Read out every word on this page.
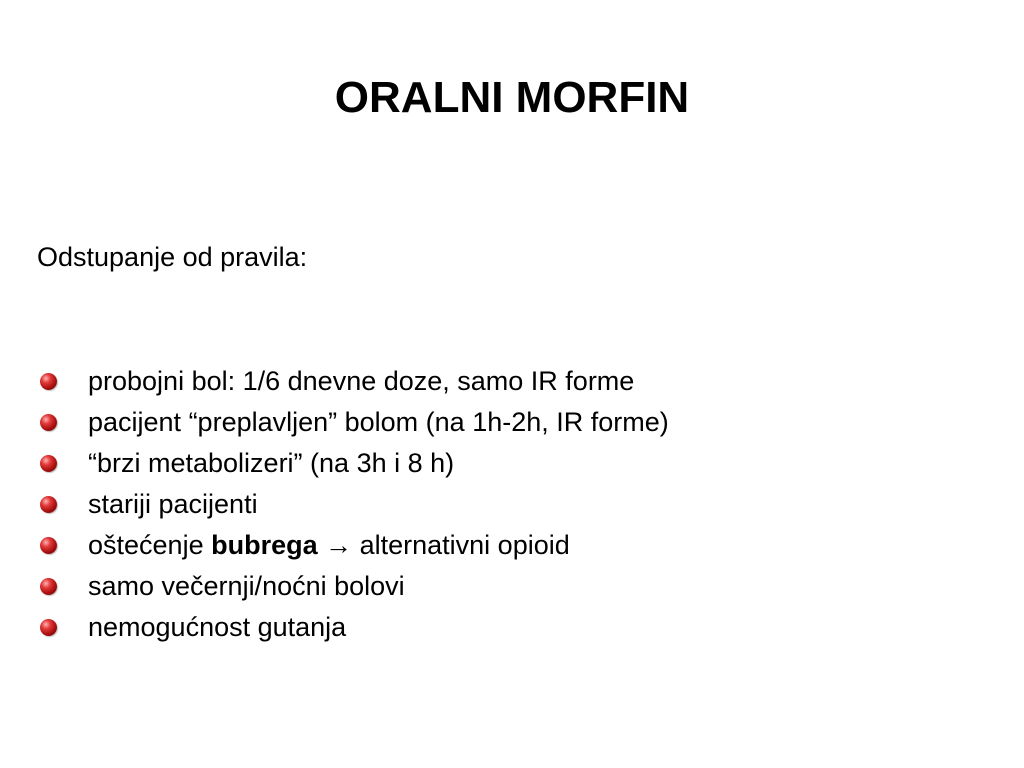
ORALNI MORFIN

Odstupanje od pravila:

probojni bol: 1/6 dnevne doze, samo IR forme
pacijent “preplavljen” bolom (na 1h-2h, IR forme)
“brzi metabolizeri” (na 3h i 8 h)
stariji pacijenti
oštećenje bubrega → alternativni opioid
samo večernji/noćni bolovi
nemogućnost gutanja
